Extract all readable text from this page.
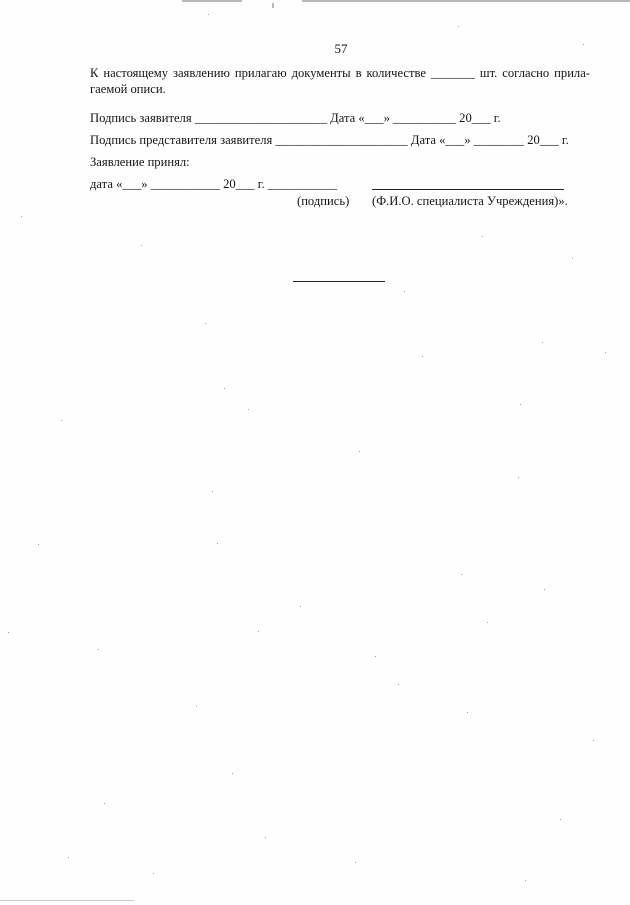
57
К настоящему заявлению прилагаю документы в количестве _______ шт. согласно прила-
гаемой описи.
Подпись заявителя _____________________ Дата «___» __________ 20___ г.
Подпись представителя заявителя _____________________ Дата «___» ________ 20___ г.
Заявление принял:
дата «___» ___________ 20___ г. ___________
(подпись) (Ф.И.О. специалиста Учреждения)».
